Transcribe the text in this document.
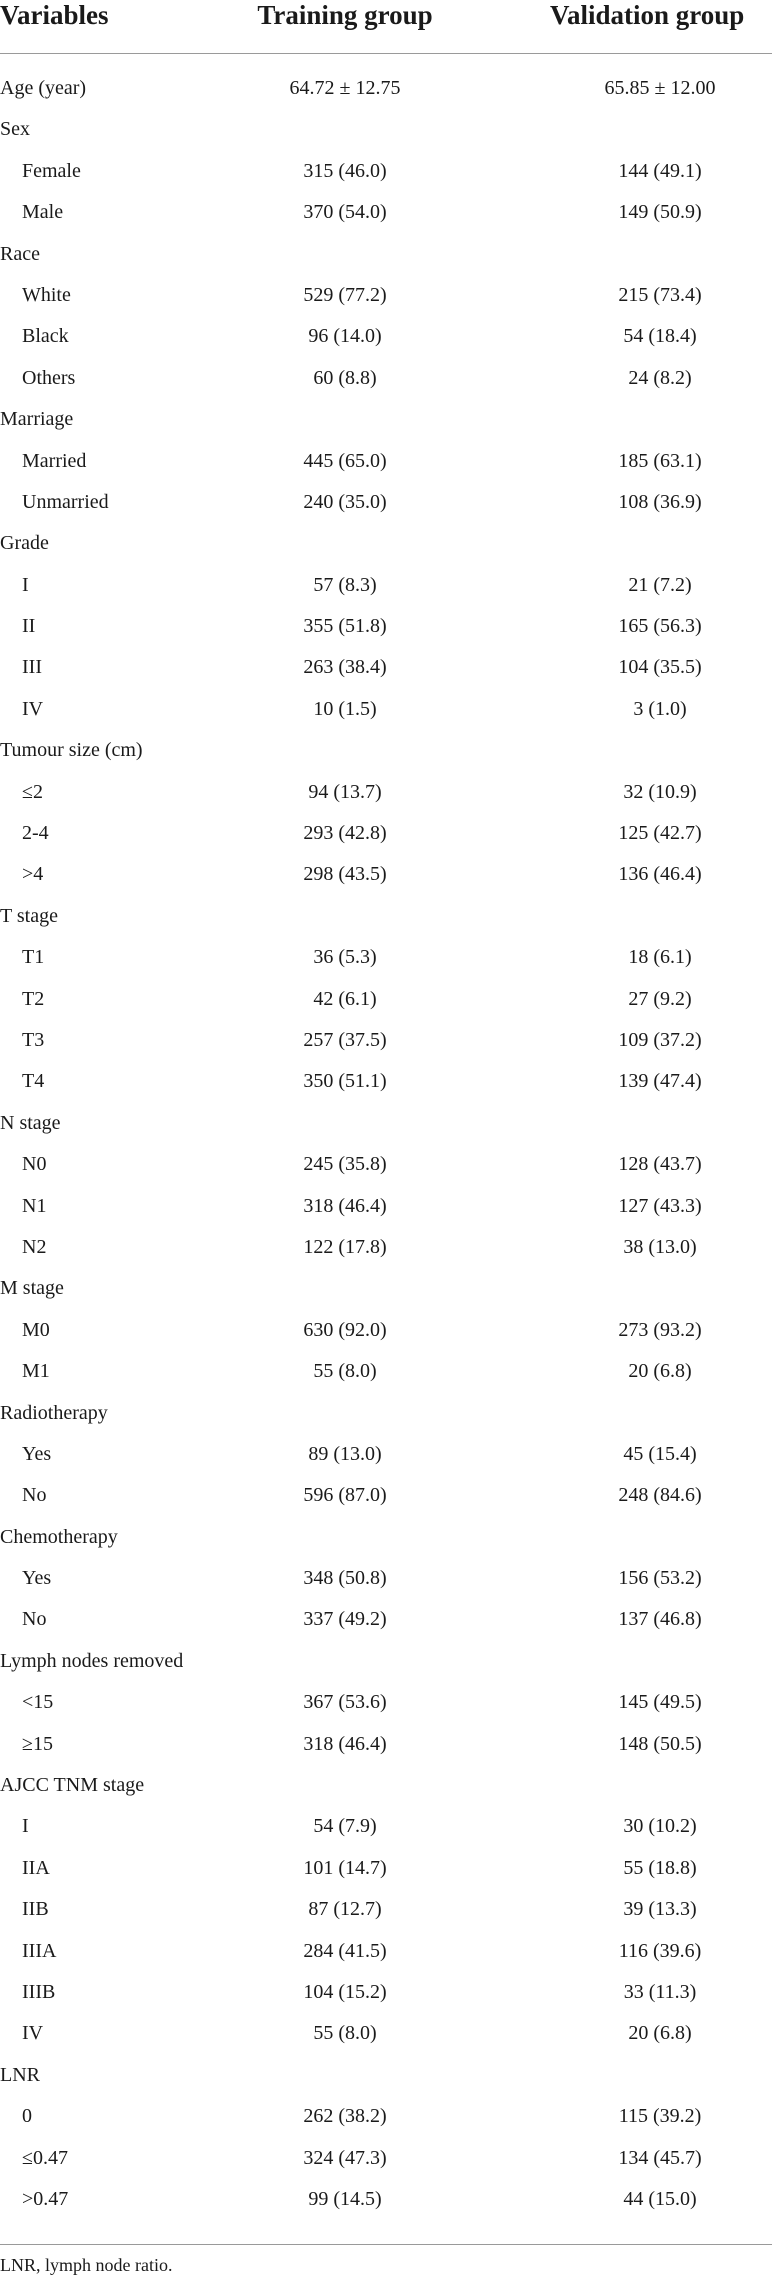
Variables	Training group	Validation group
Age (year)	64.72 ± 12.75	65.85 ± 12.00
Sex
Female	315 (46.0)	144 (49.1)
Male	370 (54.0)	149 (50.9)
Race
White	529 (77.2)	215 (73.4)
Black	96 (14.0)	54 (18.4)
Others	60 (8.8)	24 (8.2)
Marriage
Married	445 (65.0)	185 (63.1)
Unmarried	240 (35.0)	108 (36.9)
Grade
I	57 (8.3)	21 (7.2)
II	355 (51.8)	165 (56.3)
III	263 (38.4)	104 (35.5)
IV	10 (1.5)	3 (1.0)
Tumour size (cm)
≤2	94 (13.7)	32 (10.9)
2-4	293 (42.8)	125 (42.7)
>4	298 (43.5)	136 (46.4)
T stage
T1	36 (5.3)	18 (6.1)
T2	42 (6.1)	27 (9.2)
T3	257 (37.5)	109 (37.2)
T4	350 (51.1)	139 (47.4)
N stage
N0	245 (35.8)	128 (43.7)
N1	318 (46.4)	127 (43.3)
N2	122 (17.8)	38 (13.0)
M stage
M0	630 (92.0)	273 (93.2)
M1	55 (8.0)	20 (6.8)
Radiotherapy
Yes	89 (13.0)	45 (15.4)
No	596 (87.0)	248 (84.6)
Chemotherapy
Yes	348 (50.8)	156 (53.2)
No	337 (49.2)	137 (46.8)
Lymph nodes removed
<15	367 (53.6)	145 (49.5)
≥15	318 (46.4)	148 (50.5)
AJCC TNM stage
I	54 (7.9)	30 (10.2)
IIA	101 (14.7)	55 (18.8)
IIB	87 (12.7)	39 (13.3)
IIIA	284 (41.5)	116 (39.6)
IIIB	104 (15.2)	33 (11.3)
IV	55 (8.0)	20 (6.8)
LNR
0	262 (38.2)	115 (39.2)
≤0.47	324 (47.3)	134 (45.7)
>0.47	99 (14.5)	44 (15.0)
LNR, lymph node ratio.
